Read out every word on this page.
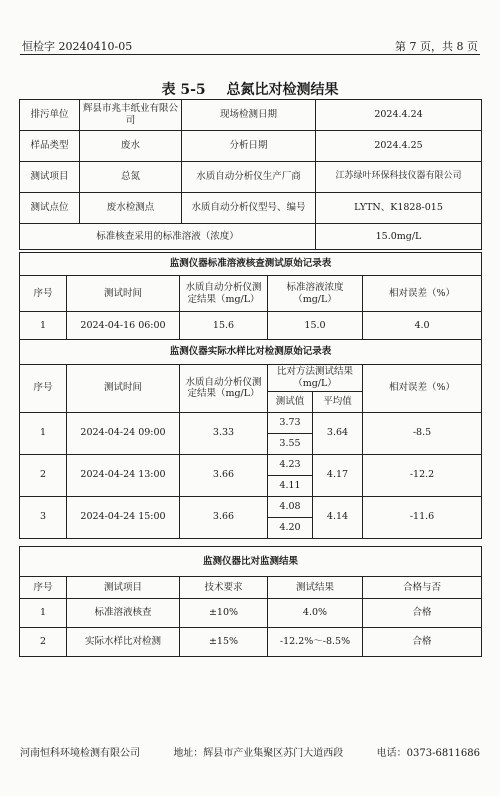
恒检字 20240410-05	第 7 页，共 8 页
表 5-5 总氮比对检测结果
排污单位	辉县市兆丰纸业有限公司	现场检测日期	2024.4.24
样品类型	废水	分析日期	2024.4.25
测试项目	总氮	水质自动分析仪生产厂商	江苏绿叶环保科技仪器有限公司
测试点位	废水检测点	水质自动分析仪型号、编号	LYTN、K1828-015
标准核查采用的标准溶液（浓度）			15.0mg/L
监测仪器标准溶液核查测试原始记录表				
序号	测试时间	水质自动分析仪测定结果（mg/L）	标准溶液浓度（mg/L）	相对误差（%）
1	2024-04-16 06:00	15.6	15.0	4.0
监测仪器实际水样比对检测原始记录表					
序号	测试时间	水质自动分析仪测定结果（mg/L）	比对方法测试结果（mg/L）		相对误差（%）
			测试值	平均值	
1	2024-04-24 09:00	3.33	3.73	3.64	-8.5
			3.55		
2	2024-04-24 13:00	3.66	4.23	4.17	-12.2
			4.11		
3	2024-04-24 15:00	3.66	4.08	4.14	-11.6
			4.20		
监测仪器比对监测结果				
序号	测试项目	技术要求	测试结果	合格与否
1	标准溶液核查	±10%	4.0%	合格
2	实际水样比对检测	±15%	-12.2%～-8.5%	合格
河南恒科环境检测有限公司	地址：辉县市产业集聚区苏门大道西段	电话：0373-6811686
